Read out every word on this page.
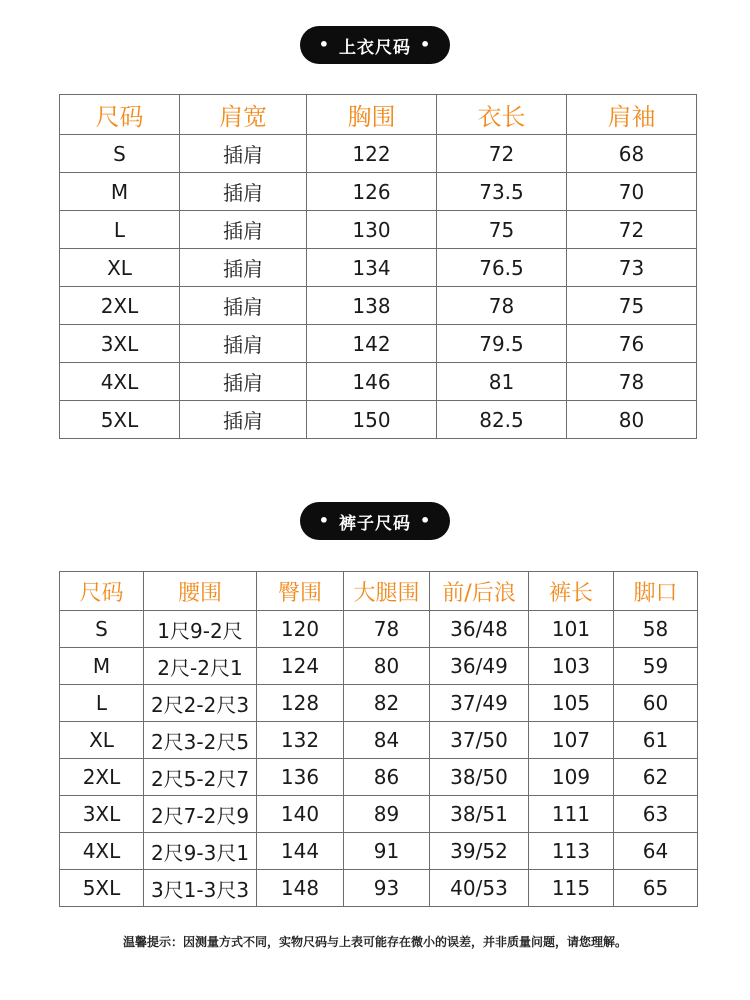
• 上衣尺码 •
尺码	肩宽	胸围	衣长	肩袖
S	插肩	122	72	68
M	插肩	126	73.5	70
L	插肩	130	75	72
XL	插肩	134	76.5	73
2XL	插肩	138	78	75
3XL	插肩	142	79.5	76
4XL	插肩	146	81	78
5XL	插肩	150	82.5	80
• 裤子尺码 •
尺码	腰围	臀围	大腿围	前/后浪	裤长	脚口
S	1尺9-2尺	120	78	36/48	101	58
M	2尺-2尺1	124	80	36/49	103	59
L	2尺2-2尺3	128	82	37/49	105	60
XL	2尺3-2尺5	132	84	37/50	107	61
2XL	2尺5-2尺7	136	86	38/50	109	62
3XL	2尺7-2尺9	140	89	38/51	111	63
4XL	2尺9-3尺1	144	91	39/52	113	64
5XL	3尺1-3尺3	148	93	40/53	115	65
温馨提示：因测量方式不同，实物尺码与上表可能存在微小的误差，并非质量问题，请您理解。
